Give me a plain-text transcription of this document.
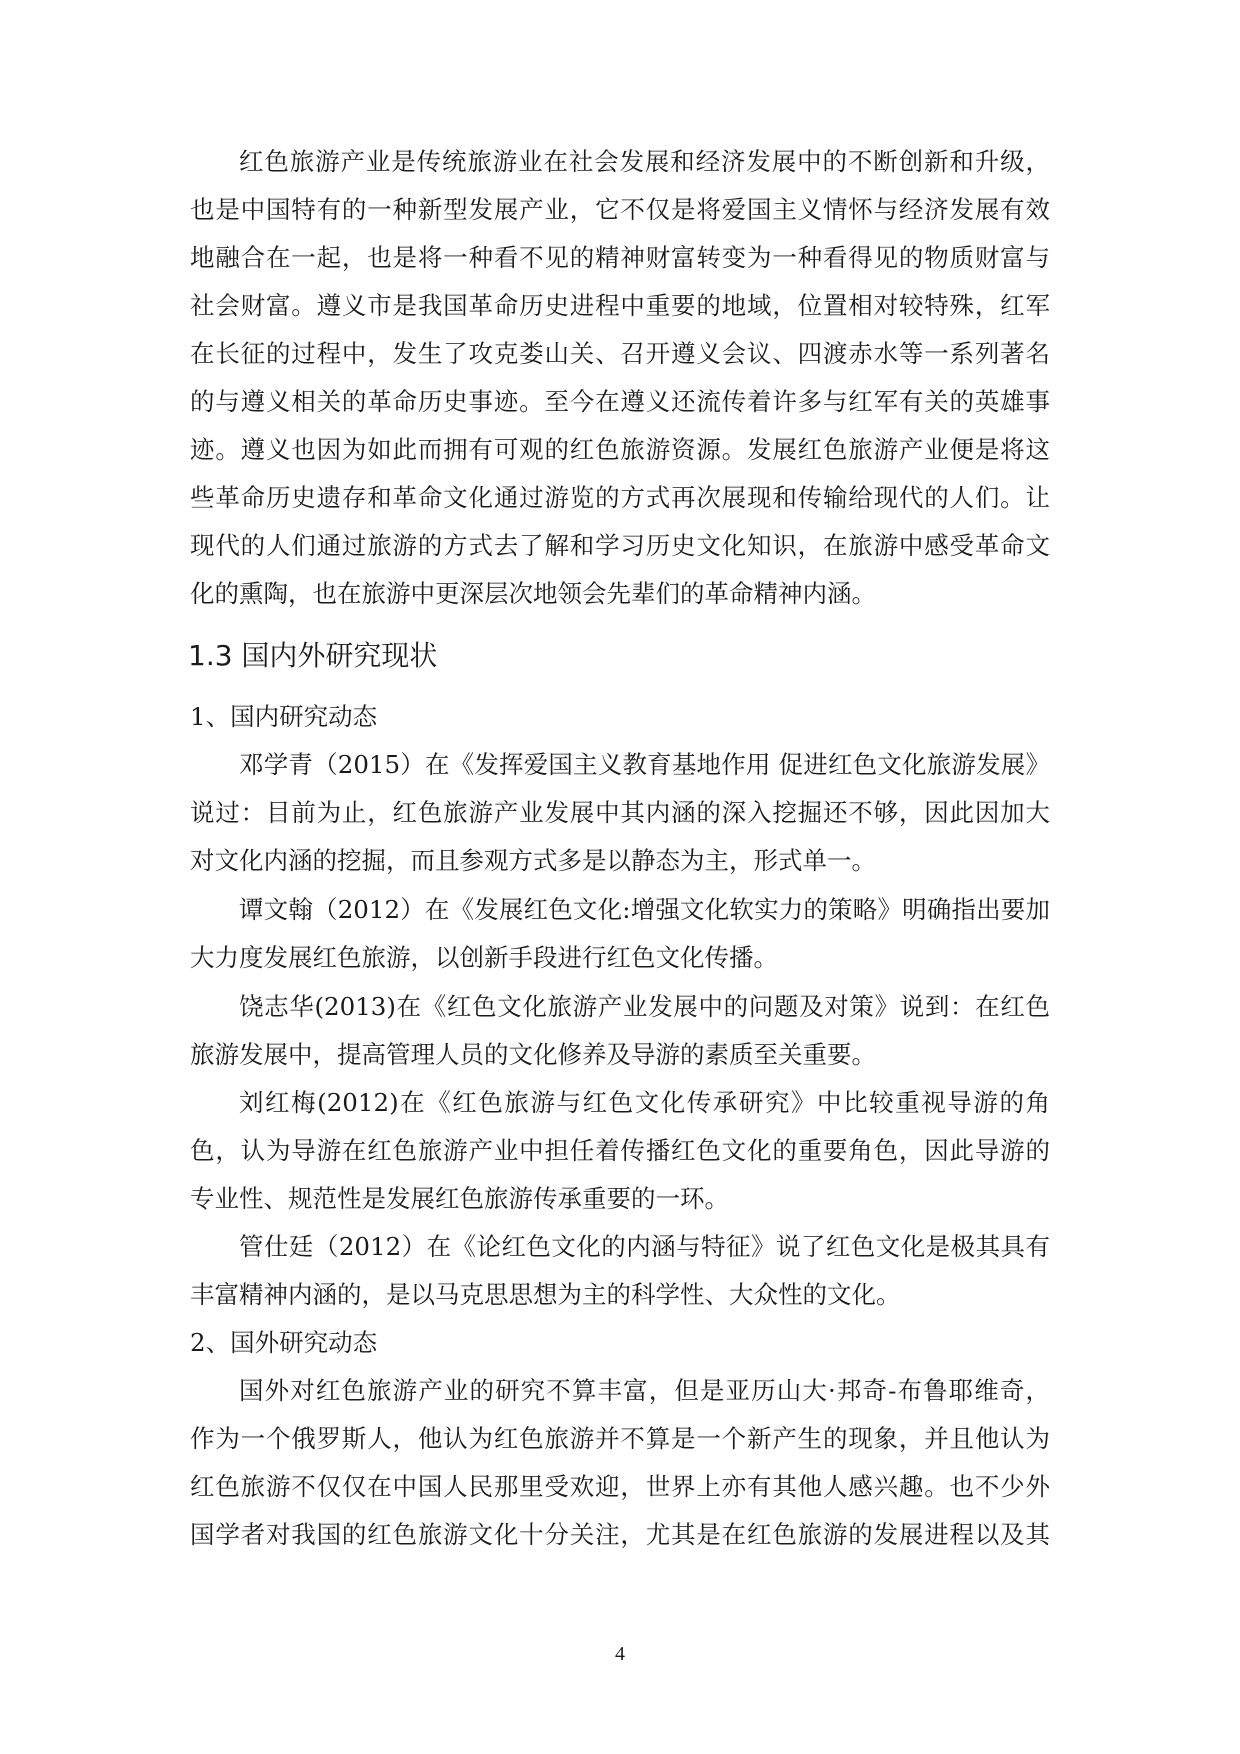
红色旅游产业是传统旅游业在社会发展和经济发展中的不断创新和升级，
也是中国特有的一种新型发展产业，它不仅是将爱国主义情怀与经济发展有效
地融合在一起，也是将一种看不见的精神财富转变为一种看得见的物质财富与
社会财富。遵义市是我国革命历史进程中重要的地域，位置相对较特殊，红军
在长征的过程中，发生了攻克娄山关、召开遵义会议、四渡赤水等一系列著名
的与遵义相关的革命历史事迹。至今在遵义还流传着许多与红军有关的英雄事
迹。遵义也因为如此而拥有可观的红色旅游资源。发展红色旅游产业便是将这
些革命历史遗存和革命文化通过游览的方式再次展现和传输给现代的人们。让
现代的人们通过旅游的方式去了解和学习历史文化知识，在旅游中感受革命文
化的熏陶，也在旅游中更深层次地领会先辈们的革命精神内涵。
1.3 国内外研究现状
1、国内研究动态
邓学青（2015）在《发挥爱国主义教育基地作用 促进红色文化旅游发展》
说过：目前为止，红色旅游产业发展中其内涵的深入挖掘还不够，因此因加大
对文化内涵的挖掘，而且参观方式多是以静态为主，形式单一。
谭文翰（2012）在《发展红色文化:增强文化软实力的策略》明确指出要加
大力度发展红色旅游，以创新手段进行红色文化传播。
饶志华(2013)在《红色文化旅游产业发展中的问题及对策》说到：在红色
旅游发展中，提高管理人员的文化修养及导游的素质至关重要。
刘红梅(2012)在《红色旅游与红色文化传承研究》中比较重视导游的角
色，认为导游在红色旅游产业中担任着传播红色文化的重要角色，因此导游的
专业性、规范性是发展红色旅游传承重要的一环。
管仕廷（2012）在《论红色文化的内涵与特征》说了红色文化是极其具有
丰富精神内涵的，是以马克思思想为主的科学性、大众性的文化。
2、国外研究动态
国外对红色旅游产业的研究不算丰富，但是亚历山大·邦奇-布鲁耶维奇，
作为一个俄罗斯人，他认为红色旅游并不算是一个新产生的现象，并且他认为
红色旅游不仅仅在中国人民那里受欢迎，世界上亦有其他人感兴趣。也不少外
国学者对我国的红色旅游文化十分关注，尤其是在红色旅游的发展进程以及其
4
